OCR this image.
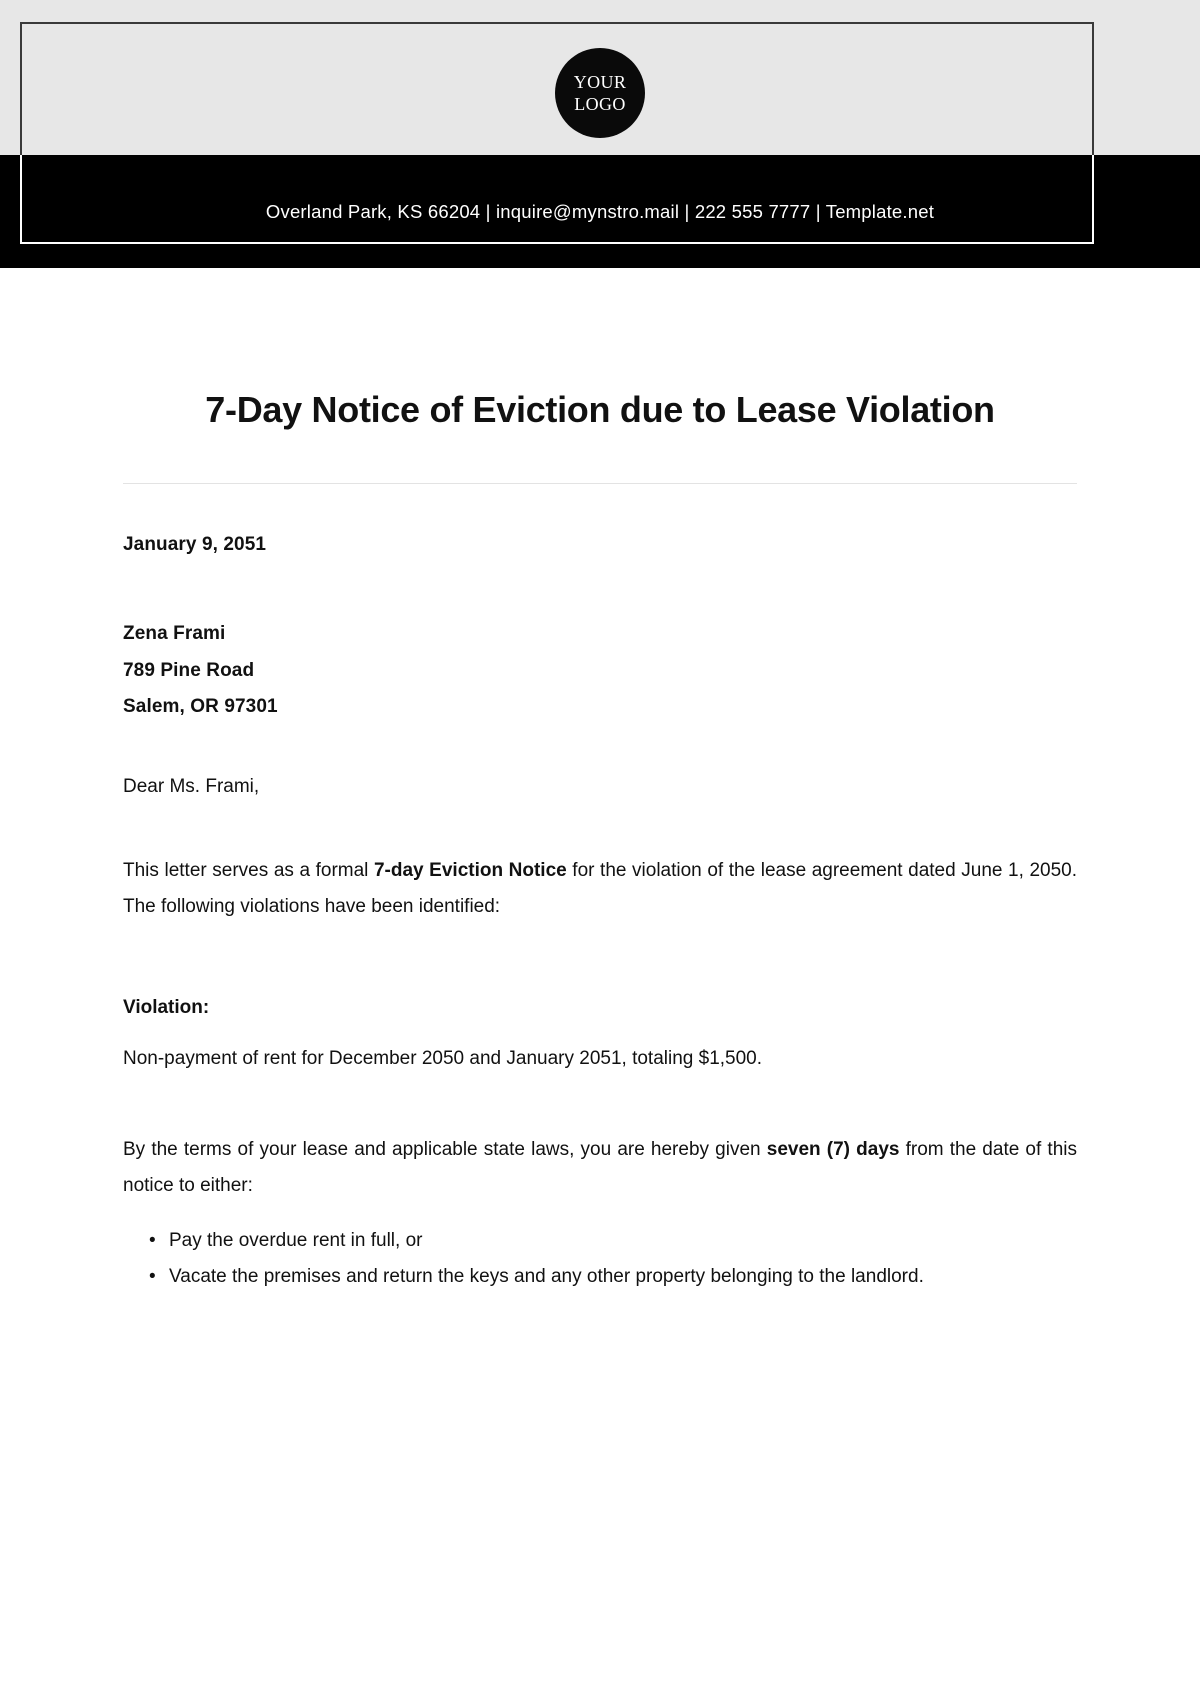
YOUR
LOGO
Overland Park, KS 66204 | inquire@mynstro.mail | 222 555 7777 | Template.net
7-Day Notice of Eviction due to Lease Violation
January 9, 2051
Zena Frami
789 Pine Road
Salem, OR 97301
Dear Ms. Frami,

This letter serves as a formal 7-day Eviction Notice for the violation of the lease agreement dated June 1, 2050. The following violations have been identified:

Violation:

Non-payment of rent for December 2050 and January 2051, totaling $1,500.

By the terms of your lease and applicable state laws, you are hereby given seven (7) days from the date of this notice to either:

• Pay the overdue rent in full, or
• Vacate the premises and return the keys and any other property belonging to the landlord.
